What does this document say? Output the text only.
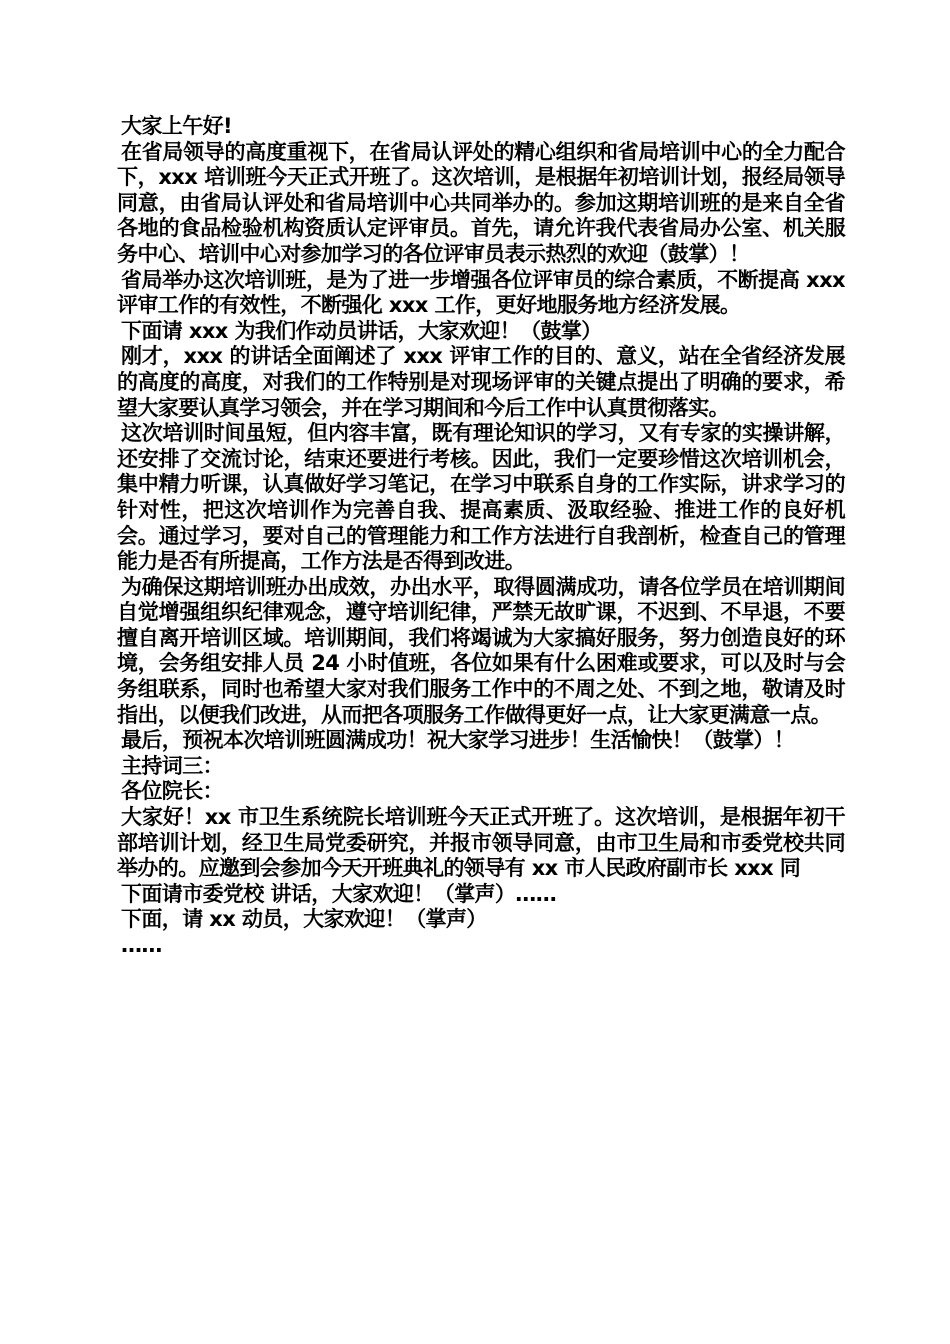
大家上午好!

在省局领导的高度重视下，在省局认评处的精心组织和省局培训中心的全力配合下，xxx 培训班今天正式开班了。这次培训，是根据年初培训计划，报经局领导同意，由省局认评处和省局培训中心共同举办的。参加这期培训班的是来自全省各地的食品检验机构资质认定评审员。首先，请允许我代表省局办公室、机关服务中心、培训中心对参加学习的各位评审员表示热烈的欢迎（鼓掌）！

省局举办这次培训班，是为了进一步增强各位评审员的综合素质，不断提高 xxx 评审工作的有效性，不断强化 xxx 工作，更好地服务地方经济发展。

下面请 xxx 为我们作动员讲话，大家欢迎！（鼓掌）

刚才，xxx 的讲话全面阐述了 xxx 评审工作的目的、意义，站在全省经济发展的高度的高度，对我们的工作特别是对现场评审的关键点提出了明确的要求，希望大家要认真学习领会，并在学习期间和今后工作中认真贯彻落实。

这次培训时间虽短，但内容丰富，既有理论知识的学习，又有专家的实操讲解，还安排了交流讨论，结束还要进行考核。因此，我们一定要珍惜这次培训机会，集中精力听课，认真做好学习笔记，在学习中联系自身的工作实际，讲求学习的针对性，把这次培训作为完善自我、提高素质、汲取经验、推进工作的良好机会。通过学习，要对自己的管理能力和工作方法进行自我剖析，检查自己的管理能力是否有所提高，工作方法是否得到改进。

为确保这期培训班办出成效，办出水平，取得圆满成功，请各位学员在培训期间自觉增强组织纪律观念，遵守培训纪律，严禁无故旷课，不迟到、不早退，不要擅自离开培训区域。培训期间，我们将竭诚为大家搞好服务，努力创造良好的环境，会务组安排人员 24 小时值班，各位如果有什么困难或要求，可以及时与会务组联系，同时也希望大家对我们服务工作中的不周之处、不到之地，敬请及时指出，以便我们改进，从而把各项服务工作做得更好一点，让大家更满意一点。

最后，预祝本次培训班圆满成功！祝大家学习进步！生活愉快！（鼓掌）！

主持词三：

各位院长：

大家好！xx 市卫生系统院长培训班今天正式开班了。这次培训，是根据年初干部培训计划，经卫生局党委研究，并报市领导同意，由市卫生局和市委党校共同举办的。应邀到会参加今天开班典礼的领导有 xx 市人民政府副市长 xxx 同

下面请市委党校 讲话，大家欢迎！（掌声）……

下面，请 xx 动员，大家欢迎！（掌声）

……
